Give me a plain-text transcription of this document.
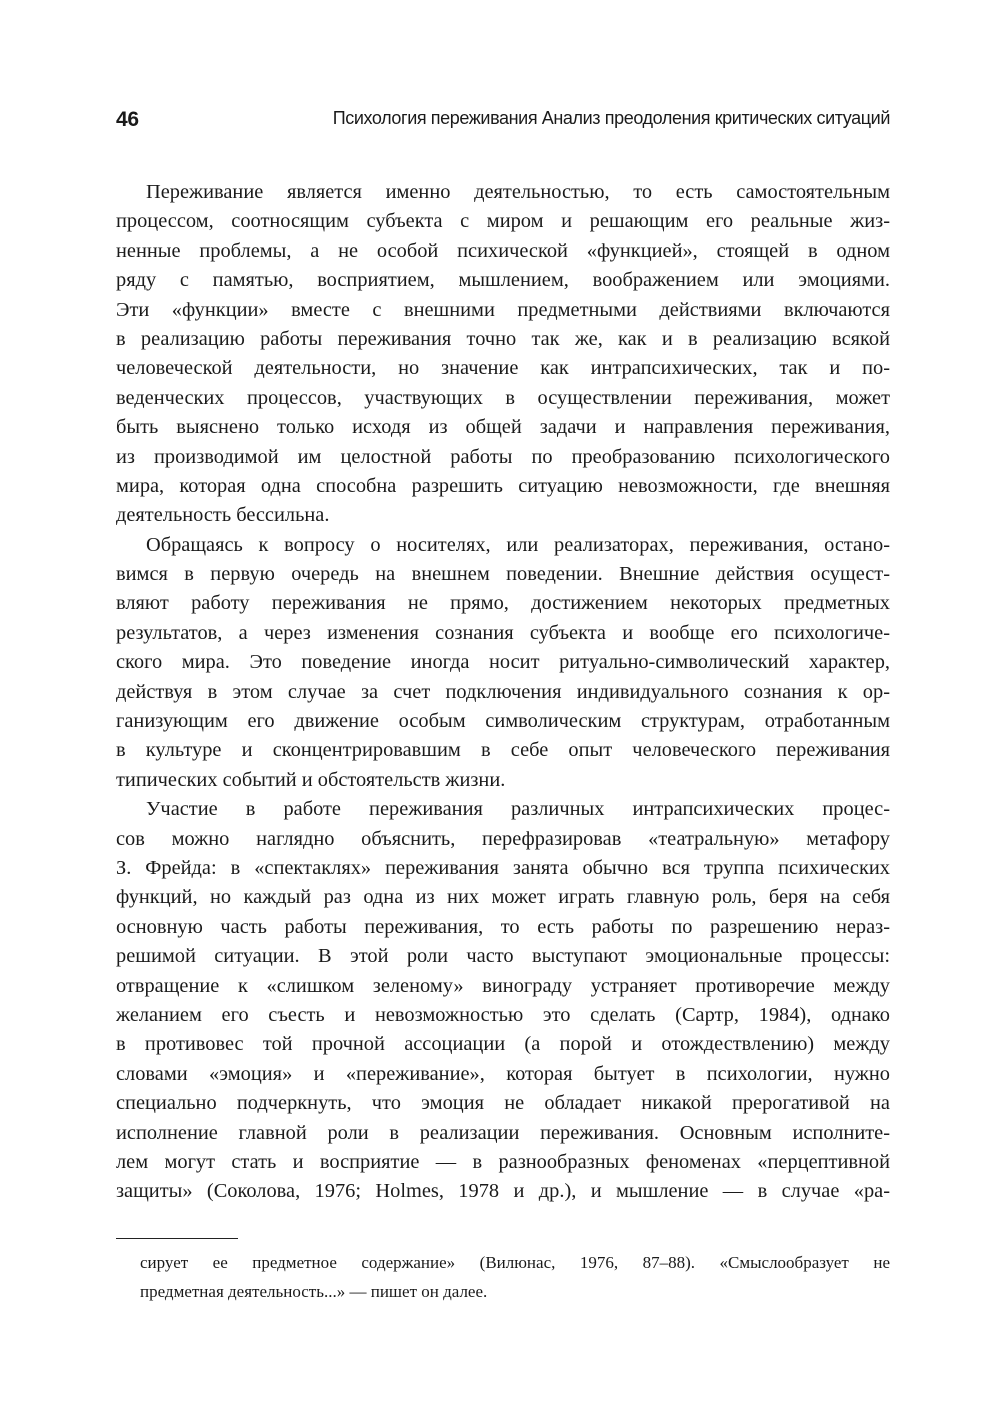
46	Психология переживания Анализ преодоления критических ситуаций
Переживание является именно деятельностью, то есть самостоятельным
процессом, соотносящим субъекта с миром и решающим его реальные жиз-
ненные проблемы, а не особой психической «функцией», стоящей в одном
ряду с памятью, восприятием, мышлением, воображением или эмоциями.
Эти «функции» вместе с внешними предметными действиями включаются
в реализацию работы переживания точно так же, как и в реализацию всякой
человеческой деятельности, но значение как интрапсихических, так и по-
веденческих процессов, участвующих в осуществлении переживания, может
быть выяснено только исходя из общей задачи и направления переживания,
из производимой им целостной работы по преобразованию психологического
мира, которая одна способна разрешить ситуацию невозможности, где внешняя
деятельность бессильна.
Обращаясь к вопросу о носителях, или реализаторах, переживания, остано-
вимся в первую очередь на внешнем поведении. Внешние действия осущест-
вляют работу переживания не прямо, достижением некоторых предметных
результатов, а через изменения сознания субъекта и вообще его психологиче-
ского мира. Это поведение иногда носит ритуально-символический характер,
действуя в этом случае за счет подключения индивидуального сознания к ор-
ганизующим его движение особым символическим структурам, отработанным
в культуре и сконцентрировавшим в себе опыт человеческого переживания
типических событий и обстоятельств жизни.
Участие в работе переживания различных интрапсихических процес-
сов можно наглядно объяснить, перефразировав «театральную» метафору
З. Фрейда: в «спектаклях» переживания занята обычно вся труппа психических
функций, но каждый раз одна из них может играть главную роль, беря на себя
основную часть работы переживания, то есть работы по разрешению нераз-
решимой ситуации. В этой роли часто выступают эмоциональные процессы:
отвращение к «слишком зеленому» винограду устраняет противоречие между
желанием его съесть и невозможностью это сделать (Сартр, 1984), однако
в противовес той прочной ассоциации (а порой и отождествлению) между
словами «эмоция» и «переживание», которая бытует в психологии, нужно
специально подчеркнуть, что эмоция не обладает никакой прерогативой на
исполнение главной роли в реализации переживания. Основным исполните-
лем могут стать и восприятие — в разнообразных феноменах «перцептивной
защиты» (Соколова, 1976; Holmes, 1978 и др.), и мышление — в случае «ра-
сирует ее предметное содержание» (Вилюнас, 1976, 87–88). «Смыслообразует не
предметная деятельность...» — пишет он далее.
